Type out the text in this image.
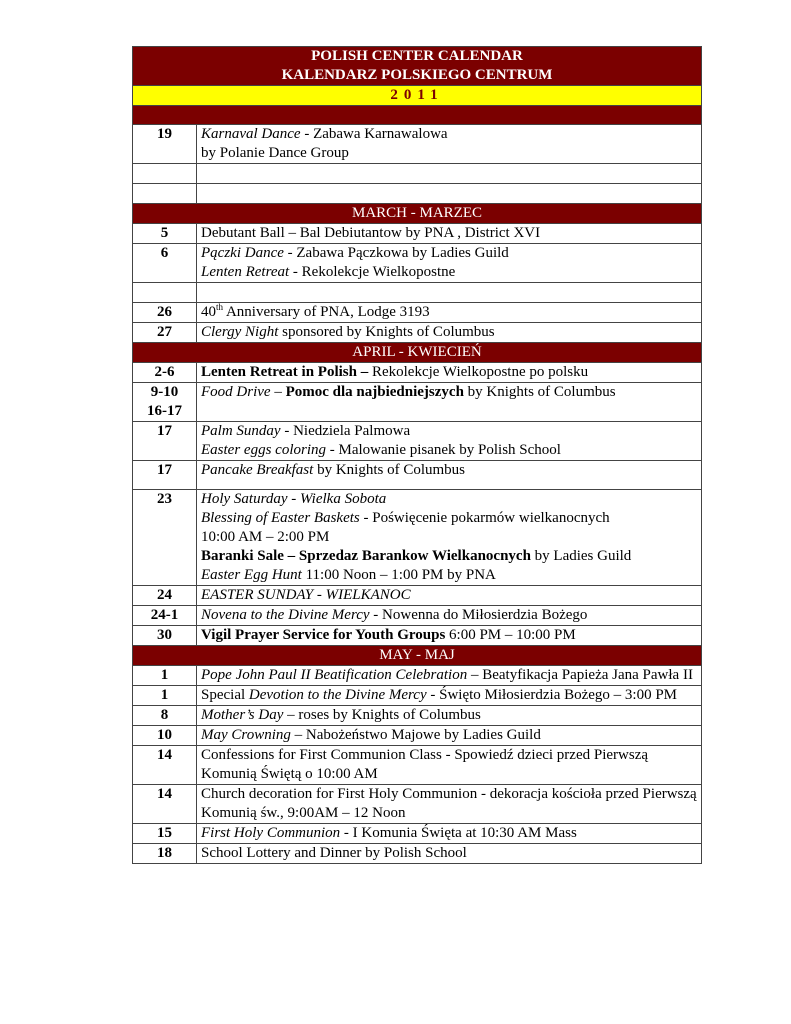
POLISH CENTER CALENDAR
KALENDARZ POLSKIEGO CENTRUM	

2011	

19	Karnaval Dance - Zabawa Karnawalowa
by Polanie Dance Group

MARCH - MARZEC	
5	Debutant Ball – Bal Debiutantow by PNA , District XVI
6	Pączki Dance - Zabawa Pączkowa by Ladies Guild
Lenten Retreat - Rekolekcje Wielkopostne

26	40th Anniversary of PNA, Lodge 3193
27	Clergy Night sponsored by Knights of Columbus
APRIL - KWIECIEŃ	
2-6	Lenten Retreat in Polish – Rekolekcje Wielkopostne po polsku

9-10
16-17	Food Drive – Pomoc dla najbiedniejszych by Knights of Columbus
17	Palm Sunday - Niedziela Palmowa
Easter eggs coloring - Malowanie pisanek by Polish School
17	Pancake Breakfast by Knights of Columbus
23	Holy Saturday - Wielka Sobota
Blessing of Easter Baskets - Poświęcenie pokarmów wielkanocnych
10:00 AM – 2:00 PM
Baranki Sale – Sprzedaz Barankow Wielkanocnych by Ladies Guild
Easter Egg Hunt 11:00 Noon – 1:00 PM by PNA
24	EASTER SUNDAY - WIELKANOC
24-1	Novena to the Divine Mercy - Nowenna do Miłosierdzia Bożego
30	Vigil Prayer Service for Youth Groups 6:00 PM – 10:00 PM
MAY - MAJ	
1	Pope John Paul II Beatification Celebration – Beatyfikacja Papieża Jana Pawła II
1	Special Devotion to the Divine Mercy - Święto Miłosierdzia Bożego – 3:00 PM
8	Mother’s Day – roses by Knights of Columbus
10	May Crowning – Nabożeństwo Majowe by Ladies Guild
14	Confessions for First Communion Class - Spowiedź dzieci przed Pierwszą Komunią Świętą o 10:00 AM
14	Church decoration for First Holy Communion - dekoracja kościoła przed Pierwszą Komunią św., 9:00AM – 12 Noon
15	First Holy Communion - I Komunia Święta at 10:30 AM Mass
18	School Lottery and Dinner by Polish School
